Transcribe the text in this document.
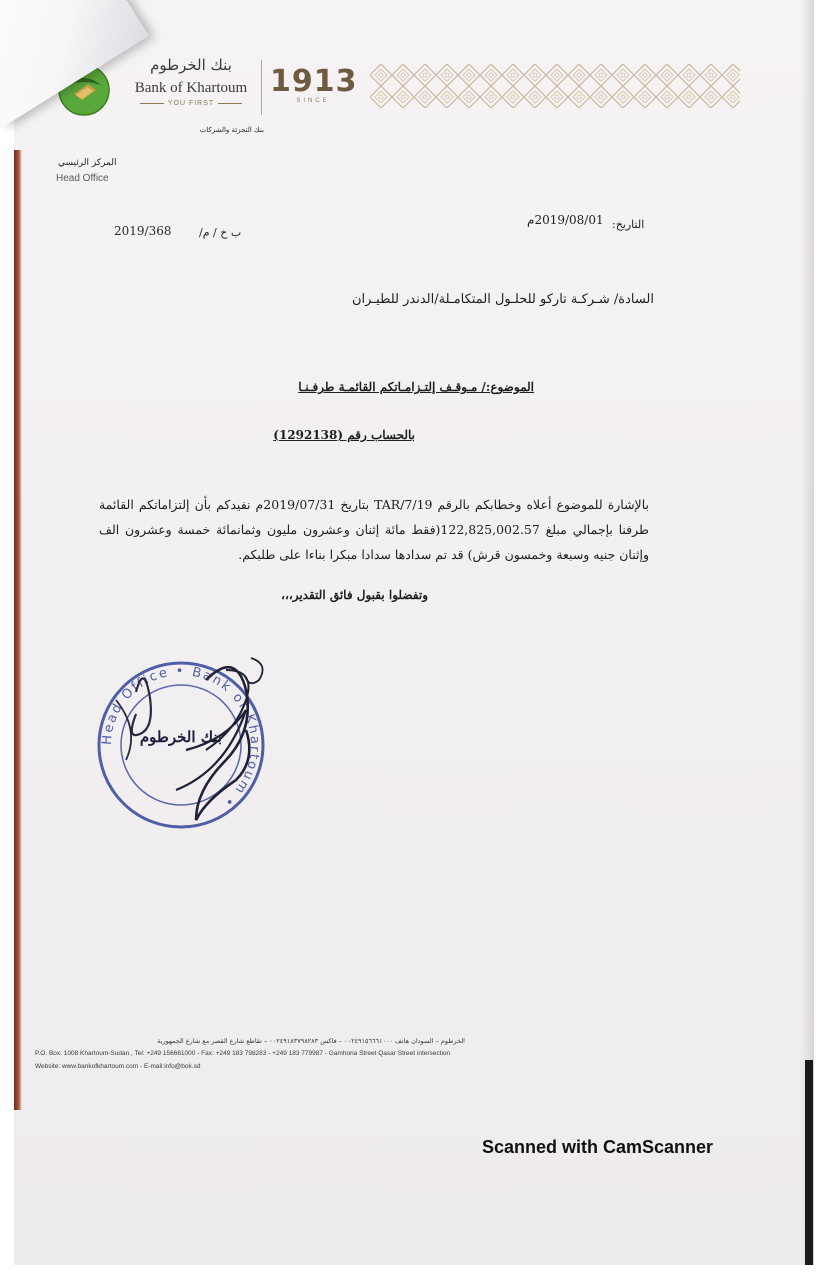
بنك الخرطوم
Bank of Khartoum
YOU FIRST
بنك التجزئة والشركات
1913
SINCE
المركز الرئيسي
Head Office
2019/368	ب خ / م/
2019/08/01م التاريخ:
السادة/ شـركـة تاركو للحلـول المتكامـلة/الدندر للطيـران
الموضوع:/ مـوقـف إلتـزامـاتكم القائمـة طرفـنـا
بالحساب رقم (1292138)
بالإشارة للموضوع أعلاه وخطابكم بالرقم TAR/7/19 بتاريخ 2019/07/31م نفيدكم بأن إلتزاماتكم القائمة طرفنا بإجمالي مبلغ 122,825,002.57(فقط مائة إثنان وعشرون مليون وثمانمائة خمسة وعشرون الف وإثنان جنيه وسبعة وخمسون قرش) قد تم سدادها سدادا مبكرا بناءا على طلبكم.
وتفضلوا بقبول فائق التقدير،،،
Head Office • Bank of Khartoum •
بنك الخرطوم
الخرطوم – السودان هاتف ٠٠٢٤٩١٥٦٦٦١٠٠٠ – فاكس ٠٠٢٤٩١٨٣٧٩٨٢٨٣ – تقاطع شارع القصر مع شارع الجمهورية
P.O. Box: 1008 Khartoum-Sudan , Tel: +249 156661000 - Fax: +249 183 798283 - +249 183 779987 - Gamhoria Street Qasar Street intersection
Website: www.bankofkhartoum.com - E-mail:info@bok.sd
Scanned with CamScanner
